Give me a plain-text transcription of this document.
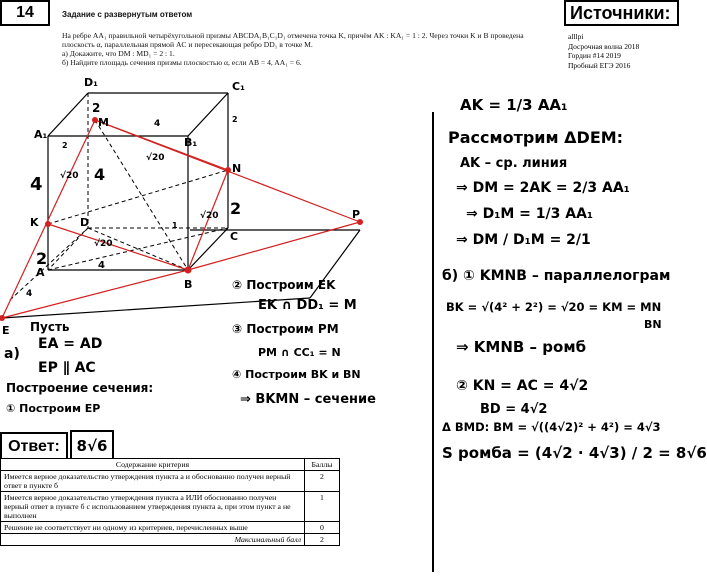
14	Задание с развернутым ответом
На ребре AA₁ правильной четырёхугольной призмы ABCDA₁B₁C₁D₁ отмечена точка K, причём AK : KA₁ = 1 : 2. Через точки K и B проведена плоскость α, параллельная прямой AC и пересекающая ребро DD₁ в точке M.
а) Докажите, что DM : MD₁ = 2 : 1.
б) Найдите площадь сечения призмы плоскостью α, если AB = 4, AA₁ = 6.
Источники:
alllpi
Досрочная волна 2018
Гордин #14 2019
Пробный ЕГЭ 2016
A₁
D₁	C₁
B₁
M
N
K	D
C
A
B
P
E
2
4
4	4
2
2	4
√20
√20
√20
√20
4
2
1
2
Пусть
а)
EA = AD
EP ∥ AC
Построение сечения:
① Построим EP
② Построим EK
EK ∩ DD₁ = M
③ Построим PM
PM ∩ CC₁ = N
④ Построим BK и BN
⇒ BKMN – сечение
AK = 1/3 AA₁
Рассмотрим ΔDEM:
AK – ср. линия
⇒ DM = 2AK = 2/3 AA₁
⇒ D₁M = 1/3 AA₁
⇒ DM / D₁M = 2/1
б) ① KMNB – параллелограм
BK = √(4² + 2²) = √20 = KM = MN
BN
⇒ KMNB – ромб
② KN = AC = 4√2
BD = 4√2
Δ BMD: BM = √((4√2)² + 4²) = 4√3
S ромба = (4√2 · 4√3) / 2 = 8√6
Ответ:	8√6
Содержание критерия	Баллы
Имеется верное доказательство утверждения пункта а и обоснованно получен верный ответ в пункте б	2
Имеется верное доказательство утверждения пункта а ИЛИ обоснованно получен верный ответ в пункте б с использованием утверждения пункта а, при этом пункт а не выполнен	1
Решение не соответствует ни одному из критериев, перечисленных выше	0
Максимальный балл	2
